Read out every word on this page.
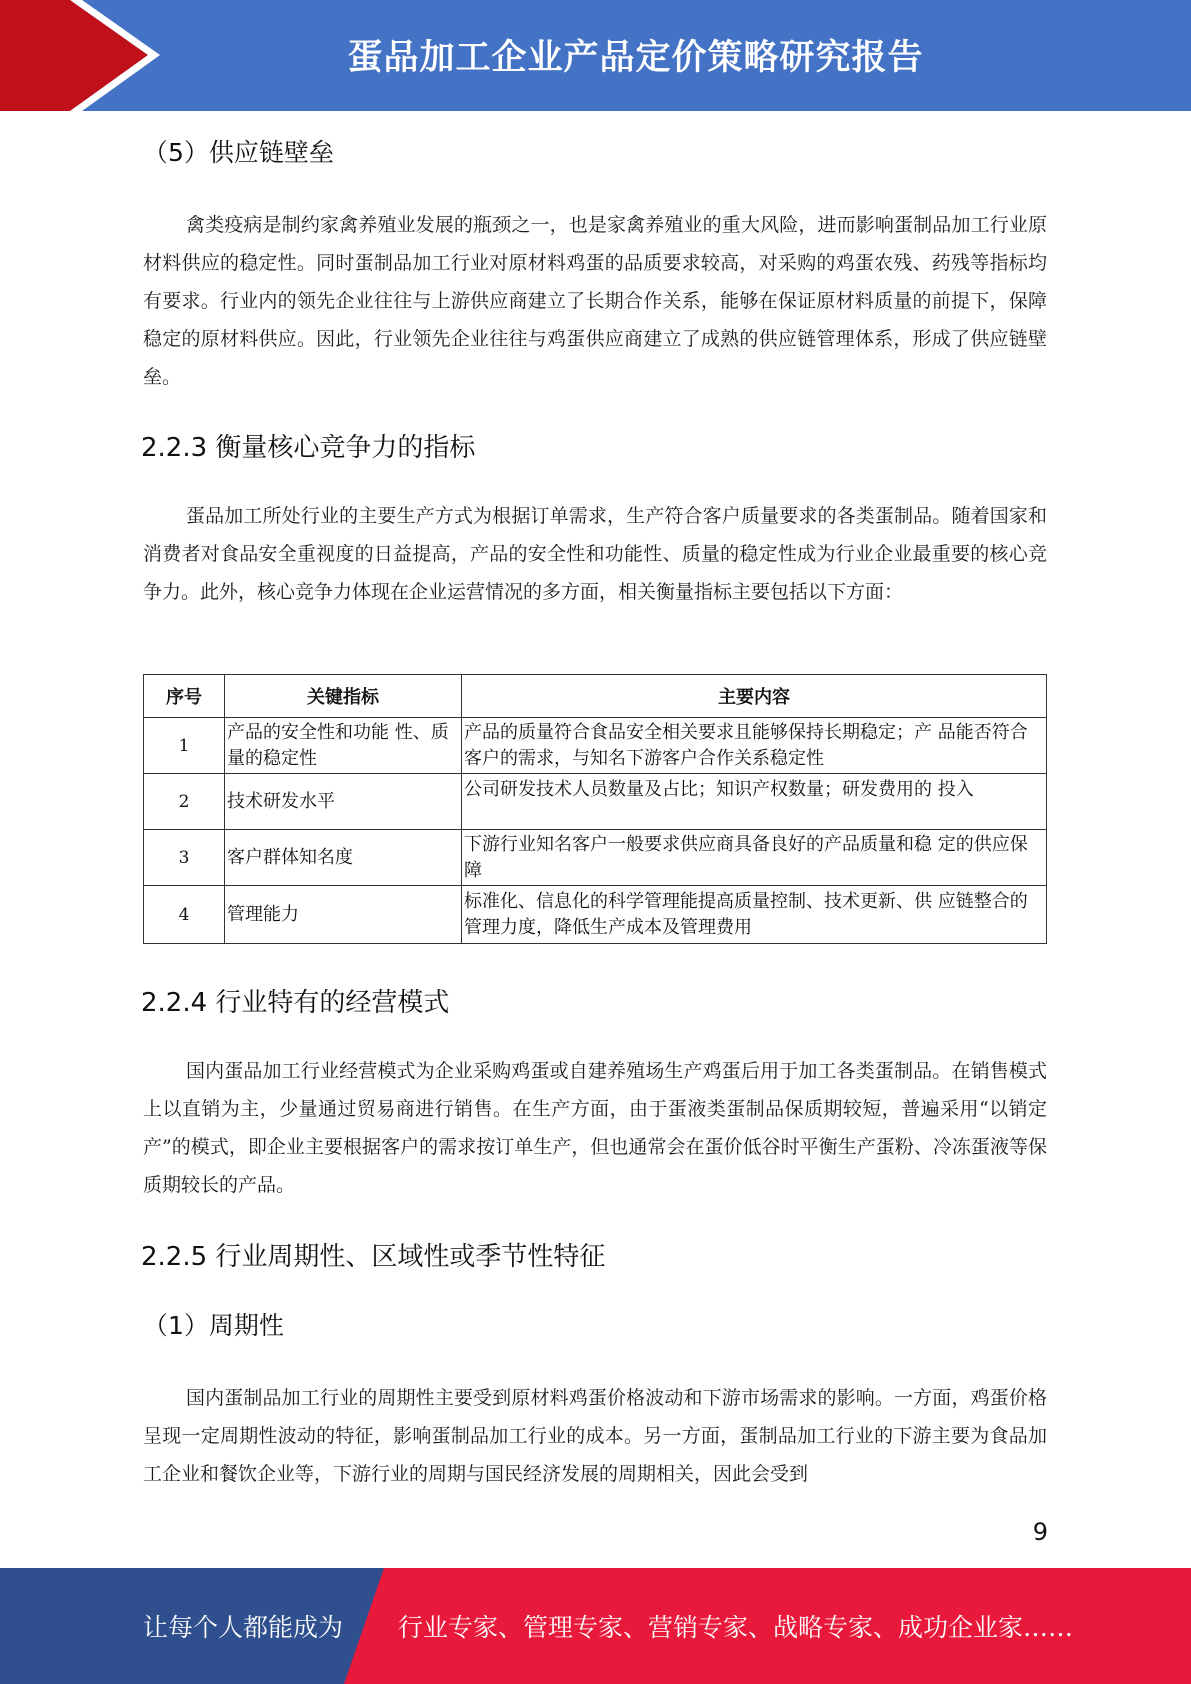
蛋品加工企业产品定价策略研究报告
（5）供应链壁垒

禽类疫病是制约家禽养殖业发展的瓶颈之一，也是家禽养殖业的重大风险，进而影响蛋制品加工行业原材料供应的稳定性。同时蛋制品加工行业对原材料鸡蛋的品质要求较高，对采购的鸡蛋农残、药残等指标均有要求。行业内的领先企业往往与上游供应商建立了长期合作关系，能够在保证原材料质量的前提下，保障稳定的原材料供应。因此，行业领先企业往往与鸡蛋供应商建立了成熟的供应链管理体系，形成了供应链壁垒。

2.2.3 衡量核心竞争力的指标

蛋品加工所处行业的主要生产方式为根据订单需求，生产符合客户质量要求的各类蛋制品。随着国家和消费者对食品安全重视度的日益提高，产品的安全性和功能性、质量的稳定性成为行业企业最重要的核心竞争力。此外，核心竞争力体现在企业运营情况的多方面，相关衡量指标主要包括以下方面：

序号	关键指标	主要内容
1	产品的安全性和功能 性、质量的稳定性	产品的质量符合食品安全相关要求且能够保持长期稳定；产 品能否符合客户的需求，与知名下游客户合作关系稳定性
2	技术研发水平	公司研发技术人员数量及占比；知识产权数量；研发费用的 投入
3	客户群体知名度	下游行业知名客户一般要求供应商具备良好的产品质量和稳 定的供应保障
4	管理能力	标准化、信息化的科学管理能提高质量控制、技术更新、供 应链整合的管理力度，降低生产成本及管理费用
2.2.4 行业特有的经营模式

国内蛋品加工行业经营模式为企业采购鸡蛋或自建养殖场生产鸡蛋后用于加工各类蛋制品。在销售模式上以直销为主，少量通过贸易商进行销售。在生产方面，由于蛋液类蛋制品保质期较短，普遍采用“以销定产”的模式，即企业主要根据客户的需求按订单生产，但也通常会在蛋价低谷时平衡生产蛋粉、冷冻蛋液等保质期较长的产品。

2.2.5 行业周期性、区域性或季节性特征
（1）周期性

国内蛋制品加工行业的周期性主要受到原材料鸡蛋价格波动和下游市场需求的影响。一方面，鸡蛋价格呈现一定周期性波动的特征，影响蛋制品加工行业的成本。另一方面，蛋制品加工行业的下游主要为食品加工企业和餐饮企业等，下游行业的周期与国民经济发展的周期相关，因此会受到

9
让每个人都能成为 行业专家、管理专家、营销专家、战略专家、成功企业家……
